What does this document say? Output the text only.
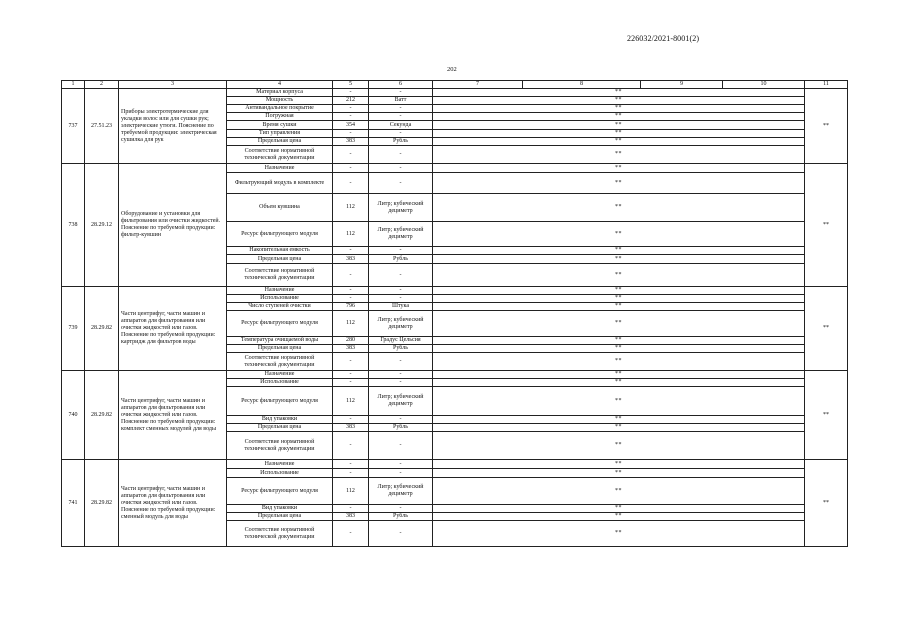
226032/2021-8001(2)
202
1	2	3	4	5	6	7	8	9	10	11
737	27.51.23	Приборы электротермические для укладки волос или для сушки рук; электрические утюги. Пояснение по требуемой продукции: электрическая сушилка для рук	Материал корпуса	-	-	**				**
			Мощность	212	Ватт	**				
			Антивандальное покрытие	-	-	**				
			Погружная	-	-	**				
			Время сушки	354	Секунда	**				
			Тип управления	-	-	**				
			Предельная цена	383	Рубль	**				
			Соответствие нормативной технической документации	-	-	**				
738	28.29.12	Оборудование и установки для фильтрования или очистки жидкостей. Пояснение по требуемой продукции: фильтр-кувшин	Назначение	-	-	**				**
			Фильтрующий модуль в комплекте	-	-	**				
			Объем кувшина	112	Литр; кубический дециметр	**				
			Ресурс фильтрующего модуля	112	Литр; кубический дециметр	**				
			Накопительная емкость	-	-	**				
			Предельная цена	383	Рубль	**				
			Соответствие нормативной технической документации	-	-	**				
739	28.29.82	Части центрифуг, части машин и аппаратов для фильтрования или очистки жидкостей или газов. Пояснение по требуемой продукции: картридж для фильтров воды	Назначение	-	-	**				**
			Использование	-	-	**				
			Число ступеней очистки	796	Штука	**				
			Ресурс фильтрующего модуля	112	Литр; кубический дециметр	**				
			Температура очищаемой воды	280	Градус Цельсия	**				
			Предельная цена	383	Рубль	**				
			Соответствие нормативной технической документации	-	-	**				
740	28.29.82	Части центрифуг, части машин и аппаратов для фильтрования или очистки жидкостей или газов. Пояснение по требуемой продукции: комплект сменных модулей для воды	Назначение	-	-	**				**
			Использование	-	-	**				
			Ресурс фильтрующего модуля	112	Литр; кубический дециметр	**				
			Вид упаковки	-	-	**				
			Предельная цена	383	Рубль	**				
			Соответствие нормативной технической документации	-	-	**				
741	28.29.82	Части центрифуг, части машин и аппаратов для фильтрования или очистки жидкостей или газов. Пояснение по требуемой продукции: сменный модуль для воды	Назначение	-	-	**				**
			Использование	-	-	**				
			Ресурс фильтрующего модуля	112	Литр; кубический дециметр	**				
			Вид упаковки	-	-	**				
			Предельная цена	383	Рубль	**				
			Соответствие нормативной технической документации	-	-	**				
